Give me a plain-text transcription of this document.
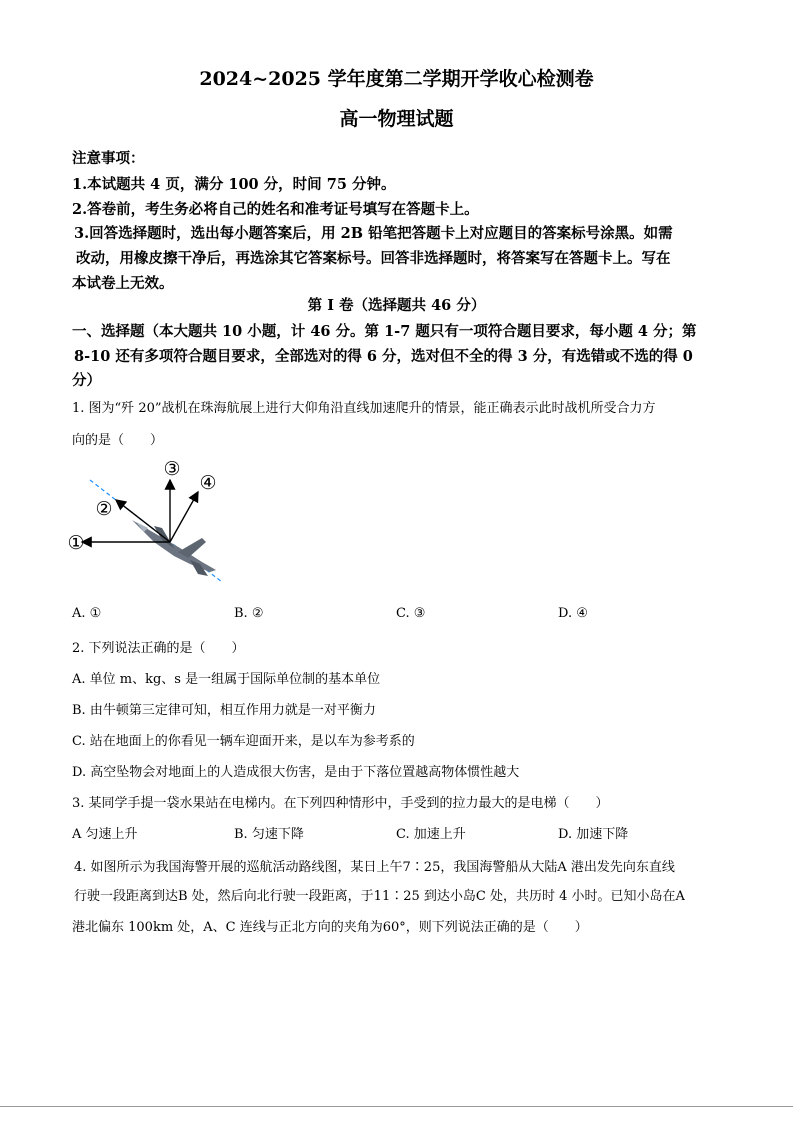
2024~2025 学年度第二学期开学收心检测卷
高一物理试题
注意事项：
1.本试题共 4 页，满分 100 分，时间 75 分钟。
2.答卷前，考生务必将自己的姓名和准考证号填写在答题卡上。
3.回答选择题时，选出每小题答案后，用 2B 铅笔把答题卡上对应题目的答案标号涂黑。如需
改动，用橡皮擦干净后，再选涂其它答案标号。回答非选择题时，将答案写在答题卡上。写在
本试卷上无效。
第 I 卷（选择题共 46 分）
一、选择题（本大题共 10 小题，计 46 分。第 1-7 题只有一项符合题目要求，每小题 4 分；第
8-10 还有多项符合题目要求，全部选对的得 6 分，选对但不全的得 3 分，有选错或不选的得 0
分）
1. 图为“歼 20”战机在珠海航展上进行大仰角沿直线加速爬升的情景，能正确表示此时战机所受合力方
向的是（　　）
①
②
③
④
A. ①	B. ②	C. ③	D. ④
2. 下列说法正确的是（　　）
A. 单位 m、kg、s 是一组属于国际单位制的基本单位
B. 由牛顿第三定律可知，相互作用力就是一对平衡力
C. 站在地面上的你看见一辆车迎面开来，是以车为参考系的
D. 高空坠物会对地面上的人造成很大伤害，是由于下落位置越高物体惯性越大
3. 某同学手提一袋水果站在电梯内。在下列四种情形中，手受到的拉力最大的是电梯（　　）
A 匀速上升	B. 匀速下降	C. 加速上升	D. 加速下降
4. 如图所示为我国海警开展的巡航活动路线图，某日上午7∶25，我国海警船从大陆A 港出发先向东直线
行驶一段距离到达B 处，然后向北行驶一段距离，于11∶25 到达小岛C 处，共历时 4 小时。已知小岛在A
港北偏东 100km 处，A、C 连线与正北方向的夹角为60°，则下列说法正确的是（　　）
